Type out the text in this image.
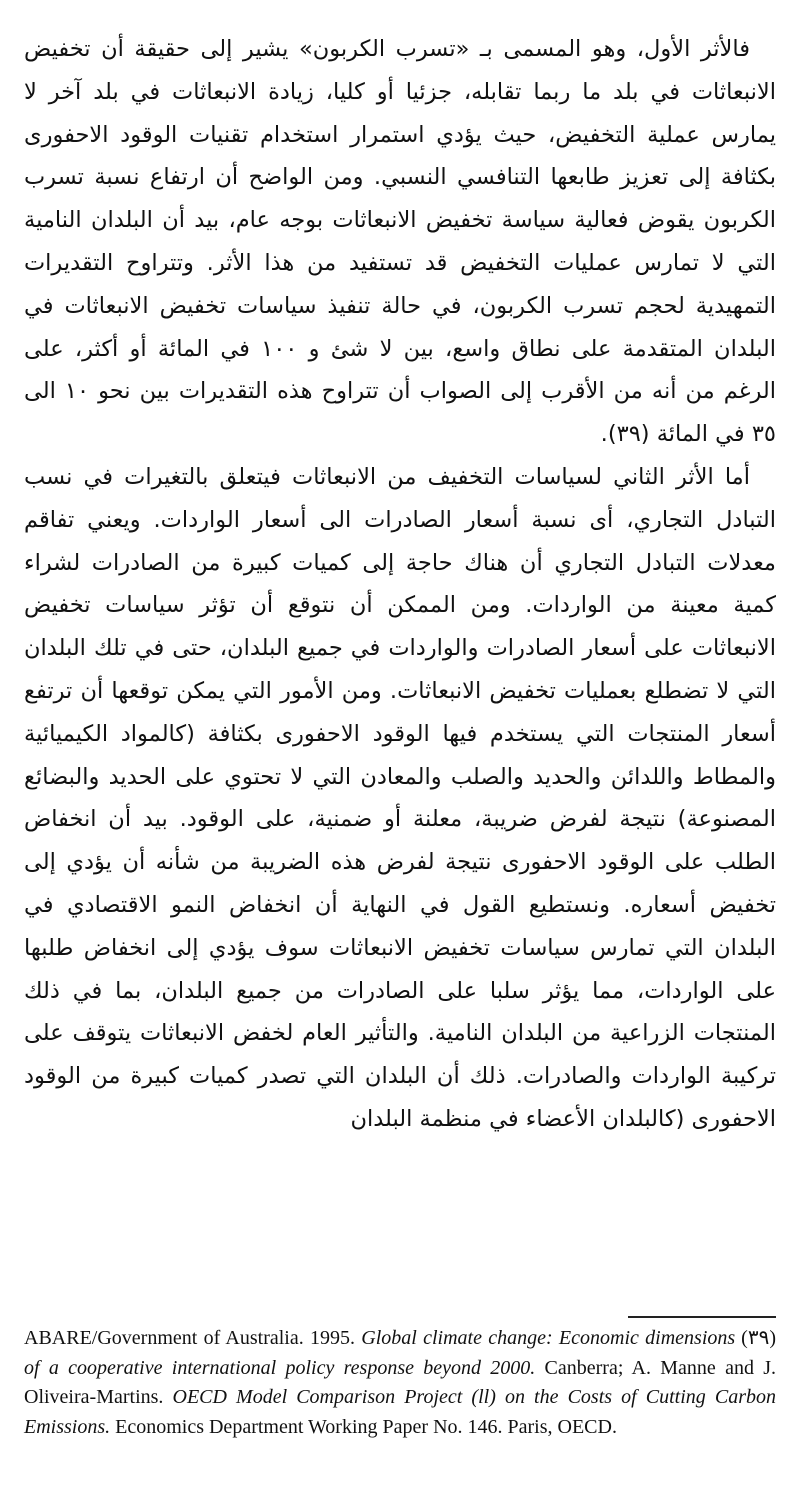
فالأثر الأول، وهو المسمى بـ «تسرب الكربون» يشير إلى حقيقة أن تخفيض الانبعاثات في بلد ما ربما تقابله، جزئيا أو كليا، زيادة الانبعاثات في بلد آخر لا يمارس عملية التخفيض، حيث يؤدي استمرار استخدام تقنيات الوقود الاحفورى بكثافة إلى تعزيز طابعها التنافسي النسبي. ومن الواضح أن ارتفاع نسبة تسرب الكربون يقوض فعالية سياسة تخفيض الانبعاثات بوجه عام، بيد أن البلدان النامية التي لا تمارس عمليات التخفيض قد تستفيد من هذا الأثر. وتتراوح التقديرات التمهيدية لحجم تسرب الكربون، في حالة تنفيذ سياسات تخفيض الانبعاثات في البلدان المتقدمة على نطاق واسع، بين لا شئ و ١٠٠ في المائة أو أكثر، على الرغم من أنه من الأقرب إلى الصواب أن تتراوح هذه التقديرات بين نحو ١٠ الى ٣٥ في المائة (٣٩).

أما الأثر الثاني لسياسات التخفيف من الانبعاثات فيتعلق بالتغيرات في نسب التبادل التجاري، أى نسبة أسعار الصادرات الى أسعار الواردات. ويعني تفاقم معدلات التبادل التجاري أن هناك حاجة إلى كميات كبيرة من الصادرات لشراء كمية معينة من الواردات. ومن الممكن أن نتوقع أن تؤثر سياسات تخفيض الانبعاثات على أسعار الصادرات والواردات في جميع البلدان، حتى في تلك البلدان التي لا تضطلع بعمليات تخفيض الانبعاثات. ومن الأمور التي يمكن توقعها أن ترتفع أسعار المنتجات التي يستخدم فيها الوقود الاحفورى بكثافة (كالمواد الكيميائية والمطاط واللدائن والحديد والصلب والمعادن التي لا تحتوي على الحديد والبضائع المصنوعة) نتيجة لفرض ضريبة، معلنة أو ضمنية، على الوقود. بيد أن انخفاض الطلب على الوقود الاحفورى نتيجة لفرض هذه الضريبة من شأنه أن يؤدي إلى تخفيض أسعاره. ونستطيع القول في النهاية أن انخفاض النمو الاقتصادي في البلدان التي تمارس سياسات تخفيض الانبعاثات سوف يؤدي إلى انخفاض طلبها على الواردات، مما يؤثر سلبا على الصادرات من جميع البلدان، بما في ذلك المنتجات الزراعية من البلدان النامية. والتأثير العام لخفض الانبعاثات يتوقف على تركيبة الواردات والصادرات. ذلك أن البلدان التي تصدر كميات كبيرة من الوقود الاحفورى (كالبلدان الأعضاء في منظمة البلدان

(٣٩)
ABARE/Government of Australia. 1995. Global climate change: Economic dimensions of a cooperative international policy response beyond 2000. Canberra; A. Manne and J. Oliveira-Martins. OECD Model Comparison Project (ll) on the Costs of Cutting Carbon Emissions. Economics Department Working Paper No. 146. Paris, OECD.
